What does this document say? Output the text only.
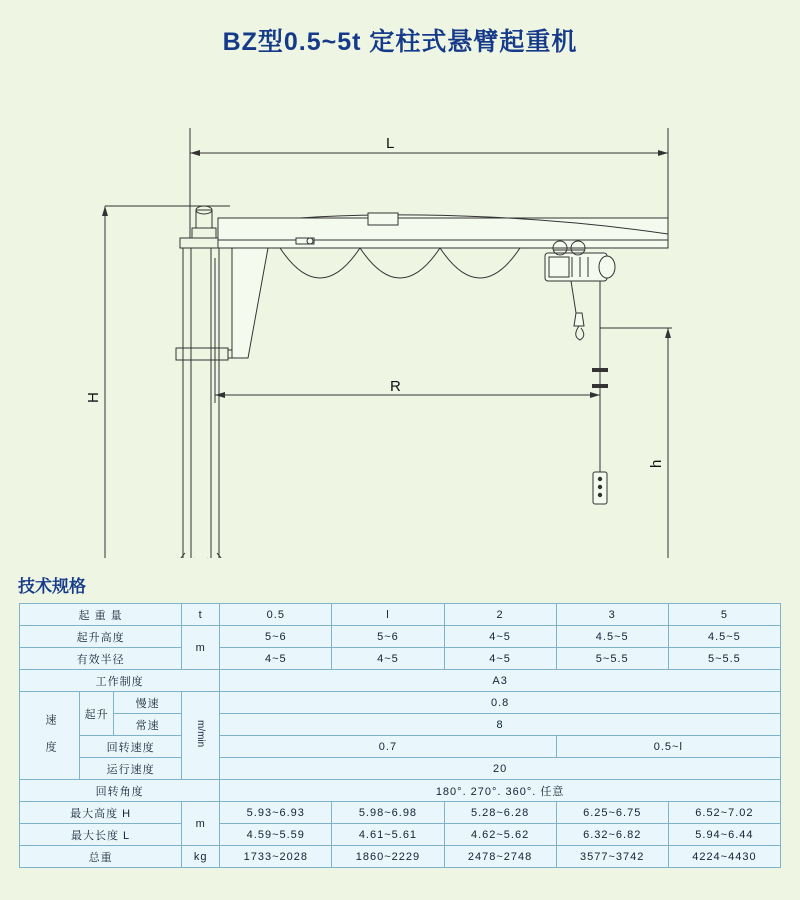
BZ型0.5~5t 定柱式悬臂起重机
L
R
H
h
技术规格
起 重 量			t	0.5	l	2	3	5
起升高度			m	5~6	5~6	4~5	4.5~5	4.5~5
有效半径				4~5	4~5	4~5	5~5.5	5~5.5
工作制度				A3				
速 度	起升	慢速	m/min	0.8				
		常速		8				
	回转速度			0.7			0.5~l	
	运行速度			20				
回转角度				180°. 270°. 360°. 任意				
最大高度 H			m	5.93~6.93	5.98~6.98	5.28~6.28	6.25~6.75	6.52~7.02
最大长度 L				4.59~5.59	4.61~5.61	4.62~5.62	6.32~6.82	5.94~6.44
总重			kg	1733~2028	1860~2229	2478~2748	3577~3742	4224~4430
